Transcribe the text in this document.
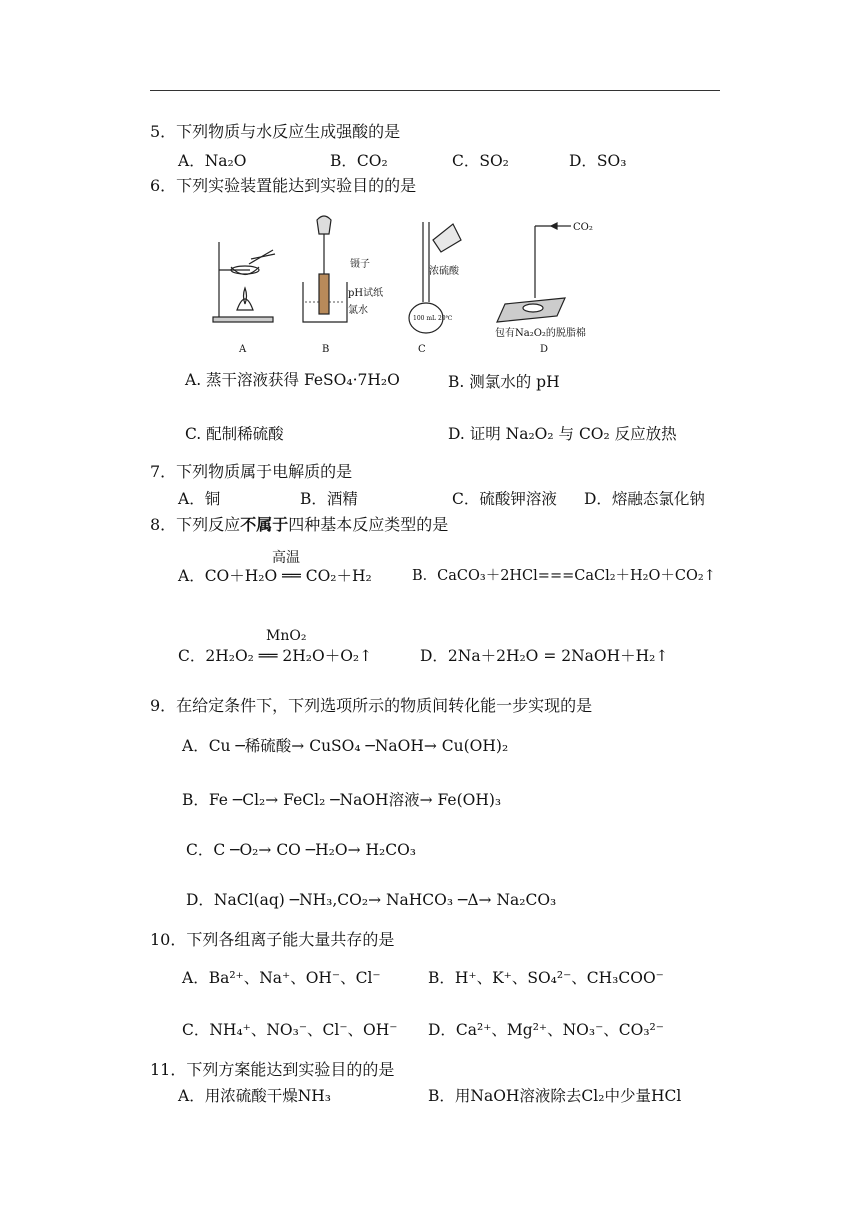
5．下列物质与水反应生成强酸的是
A．Na₂O	B．CO₂	C．SO₂	D．SO₃
6．下列实验装置能达到实验目的的是
镊子
pH试纸
氯水
浓硫酸
100 mL 20℃
CO₂
包有Na₂O₂的脱脂棉
A	B	C	D
A. 蒸干溶液获得 FeSO₄·7H₂O	B. 测氯水的 pH
C. 配制稀硫酸	D. 证明 Na₂O₂ 与 CO₂ 反应放热
7．下列物质属于电解质的是
A．铜	B．酒精	C．硫酸钾溶液 D．熔融态氯化钠
8．下列反应不属于四种基本反应类型的是
高温
A．CO＋H₂O ══ CO₂＋H₂	B．CaCO₃＋2HCl===CaCl₂＋H₂O＋CO₂↑
MnO₂
C．2H₂O₂ ══ 2H₂O＋O₂↑	D．2Na＋2H₂O = 2NaOH＋H₂↑
9．在给定条件下，下列选项所示的物质间转化能一步实现的是
A．Cu ─稀硫酸→ CuSO₄ ─NaOH→ Cu(OH)₂
B．Fe ─Cl₂→ FeCl₂ ─NaOH溶液→ Fe(OH)₃
C．C ─O₂→ CO ─H₂O→ H₂CO₃
D．NaCl(aq) ─NH₃,CO₂→ NaHCO₃ ─Δ→ Na₂CO₃
10．下列各组离子能大量共存的是
A．Ba²⁺、Na⁺、OH⁻、Cl⁻	B．H⁺、K⁺、SO₄²⁻、CH₃COO⁻
C．NH₄⁺、NO₃⁻、Cl⁻、OH⁻ D．Ca²⁺、Mg²⁺、NO₃⁻、CO₃²⁻
11．下列方案能达到实验目的的是
A．用浓硫酸干燥NH₃	B．用NaOH溶液除去Cl₂中少量HCl
